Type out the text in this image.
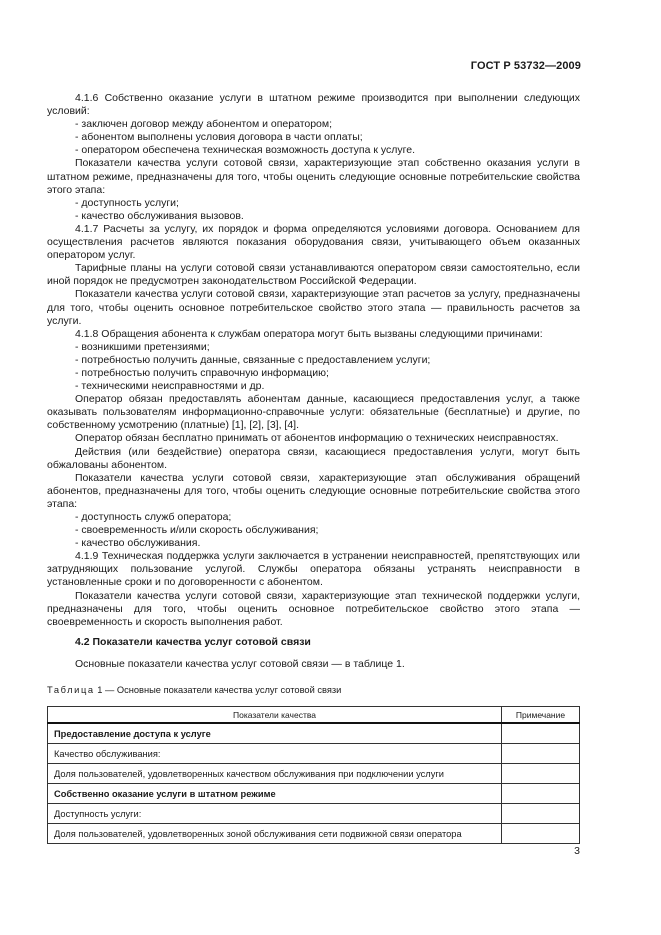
ГОСТ Р 53732—2009

4.1.6 Собственно оказание услуги в штатном режиме производится при выполнении следующих условий:

- заключен договор между абонентом и оператором;

- абонентом выполнены условия договора в части оплаты;

- оператором обеспечена техническая возможность доступа к услуге.

Показатели качества услуги сотовой связи, характеризующие этап собственно оказания услуги в штатном режиме, предназначены для того, чтобы оценить следующие основные потребительские свойства этого этапа:

- доступность услуги;

- качество обслуживания вызовов.

4.1.7 Расчеты за услугу, их порядок и форма определяются условиями договора. Основанием для осуществления расчетов являются показания оборудования связи, учитывающего объем оказанных оператором услуг.

Тарифные планы на услуги сотовой связи устанавливаются оператором связи самостоятельно, если иной порядок не предусмотрен законодательством Российской Федерации.

Показатели качества услуги сотовой связи, характеризующие этап расчетов за услугу, предназначены для того, чтобы оценить основное потребительское свойство этого этапа — правильность расчетов за услуги.

4.1.8 Обращения абонента к службам оператора могут быть вызваны следующими причинами:

- возникшими претензиями;

- потребностью получить данные, связанные с предоставлением услуги;

- потребностью получить справочную информацию;

- техническими неисправностями и др.

Оператор обязан предоставлять абонентам данные, касающиеся предоставления услуг, а также оказывать пользователям информационно-справочные услуги: обязательные (бесплатные) и другие, по собственному усмотрению (платные) [1], [2], [3], [4].

Оператор обязан бесплатно принимать от абонентов информацию о технических неисправностях.

Действия (или бездействие) оператора связи, касающиеся предоставления услуги, могут быть обжалованы абонентом.

Показатели качества услуги сотовой связи, характеризующие этап обслуживания обращений абонентов, предназначены для того, чтобы оценить следующие основные потребительские свойства этого этапа:

- доступность служб оператора;

- своевременность и/или скорость обслуживания;

- качество обслуживания.

4.1.9 Техническая поддержка услуги заключается в устранении неисправностей, препятствующих или затрудняющих пользование услугой. Службы оператора обязаны устранять неисправности в установленные сроки и по договоренности с абонентом.

Показатели качества услуги сотовой связи, характеризующие этап технической поддержки услуги, предназначены для того, чтобы оценить основное потребительское свойство этого этапа — своевременность и скорость выполнения работ.

4.2 Показатели качества услуг сотовой связи

Основные показатели качества услуг сотовой связи — в таблице 1.

Таблица 1 — Основные показатели качества услуг сотовой связи

Показатели качества	Примечание
Предоставление доступа к услуге	
Качество обслуживания:	
Доля пользователей, удовлетворенных качеством обслуживания при подключении услуги	
Собственно оказание услуги в штатном режиме	
Доступность услуги:	
Доля пользователей, удовлетворенных зоной обслуживания сети подвижной связи оператора	
3
